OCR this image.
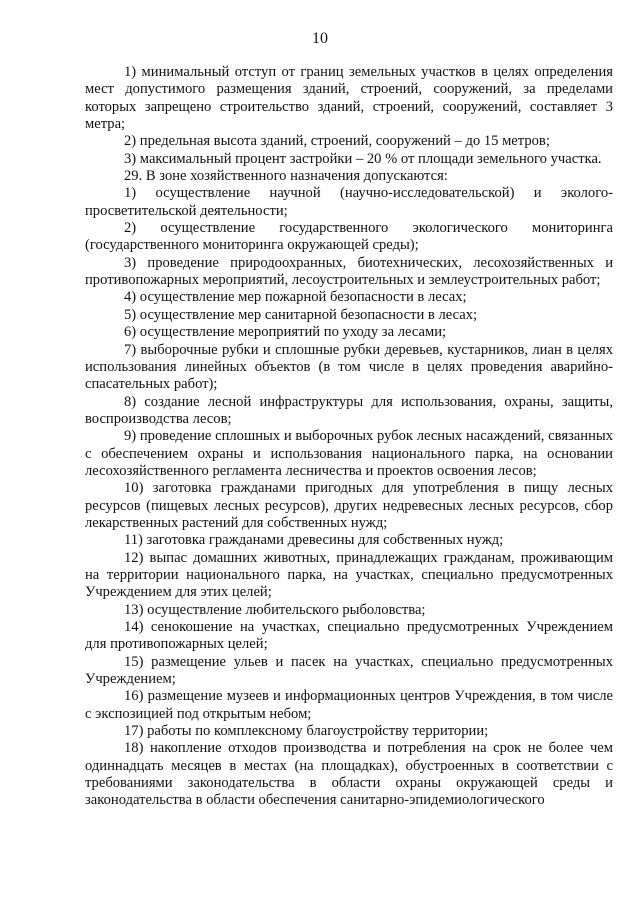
10

1) минимальный отступ от границ земельных участков в целях определения мест допустимого размещения зданий, строений, сооружений, за пределами которых запрещено строительство зданий, строений, сооружений, составляет 3 метра;

2) предельная высота зданий, строений, сооружений – до 15 метров;

3) максимальный процент застройки – 20 % от площади земельного участка.

29. В зоне хозяйственного назначения допускаются:

1) осуществление научной (научно-исследовательской) и эколого-просветительской деятельности;

2) осуществление государственного экологического мониторинга (государственного мониторинга окружающей среды);

3) проведение природоохранных, биотехнических, лесохозяйственных и противопожарных мероприятий, лесоустроительных и землеустроительных работ;

4) осуществление мер пожарной безопасности в лесах;

5) осуществление мер санитарной безопасности в лесах;

6) осуществление мероприятий по уходу за лесами;

7) выборочные рубки и сплошные рубки деревьев, кустарников, лиан в целях использования линейных объектов (в том числе в целях проведения аварийно-спасательных работ);

8) создание лесной инфраструктуры для использования, охраны, защиты, воспроизводства лесов;

9) проведение сплошных и выборочных рубок лесных насаждений, связанных с обеспечением охраны и использования национального парка, на основании лесохозяйственного регламента лесничества и проектов освоения лесов;

10) заготовка гражданами пригодных для употребления в пищу лесных ресурсов (пищевых лесных ресурсов), других недревесных лесных ресурсов, сбор лекарственных растений для собственных нужд;

11) заготовка гражданами древесины для собственных нужд;

12) выпас домашних животных, принадлежащих гражданам, проживающим на территории национального парка, на участках, специально предусмотренных Учреждением для этих целей;

13) осуществление любительского рыболовства;

14) сенокошение на участках, специально предусмотренных Учреждением для противопожарных целей;

15) размещение ульев и пасек на участках, специально предусмотренных Учреждением;

16) размещение музеев и информационных центров Учреждения, в том числе с экспозицией под открытым небом;

17) работы по комплексному благоустройству территории;

18) накопление отходов производства и потребления на срок не более чем одиннадцать месяцев в местах (на площадках), обустроенных в соответствии с требованиями законодательства в области охраны окружающей среды и законодательства в области обеспечения санитарно-эпидемиологического
